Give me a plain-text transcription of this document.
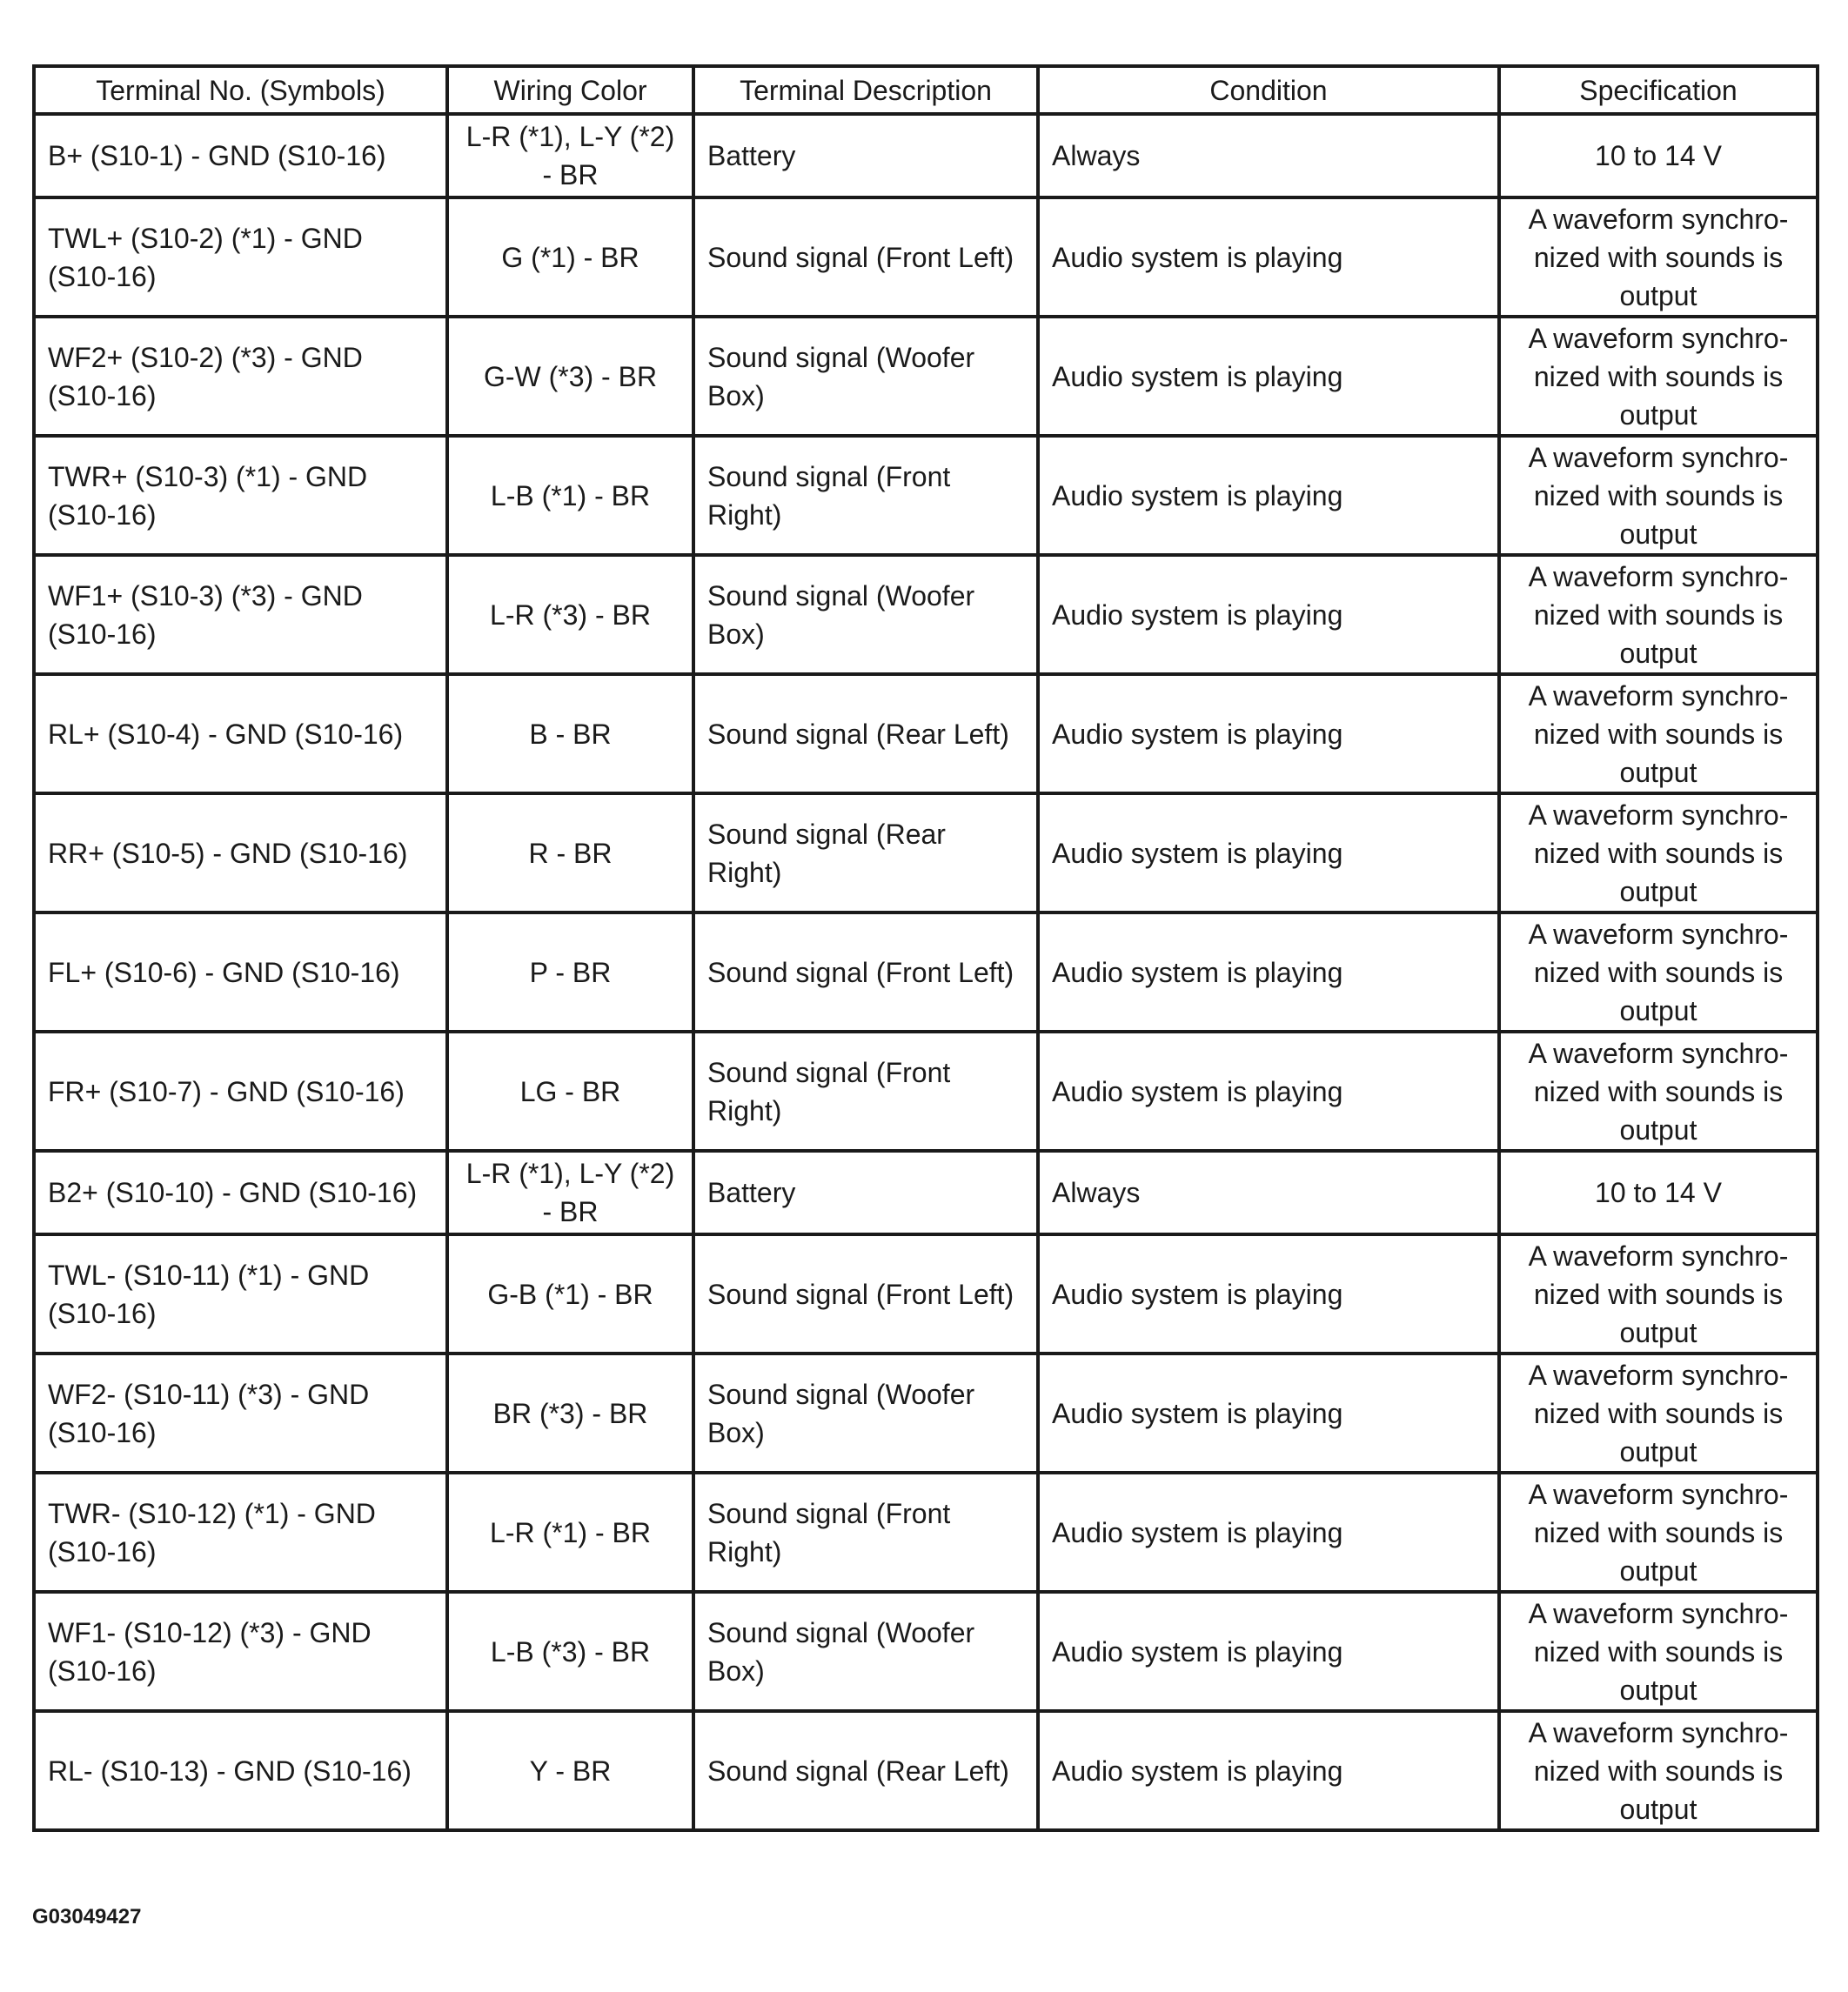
Terminal No. (Symbols)	Wiring Color	Terminal Description	Condition	Specification
B+ (S10-1) - GND (S10-16)	L-R (*1), L-Y (*2) - BR	Battery	Always	10 to 14 V
TWL+ (S10-2) (*1) - GND (S10-16)	G (*1) - BR	Sound signal (Front Left)	Audio system is playing	A waveform synchro-nized with sounds is output
WF2+ (S10-2) (*3) - GND (S10-16)	G-W (*3) - BR	Sound signal (Woofer Box)	Audio system is playing	A waveform synchro-nized with sounds is output
TWR+ (S10-3) (*1) - GND (S10-16)	L-B (*1) - BR	Sound signal (Front Right)	Audio system is playing	A waveform synchro-nized with sounds is output
WF1+ (S10-3) (*3) - GND (S10-16)	L-R (*3) - BR	Sound signal (Woofer Box)	Audio system is playing	A waveform synchro-nized with sounds is output
RL+ (S10-4) - GND (S10-16)	B - BR	Sound signal (Rear Left)	Audio system is playing	A waveform synchro-nized with sounds is output
RR+ (S10-5) - GND (S10-16)	R - BR	Sound signal (Rear Right)	Audio system is playing	A waveform synchro-nized with sounds is output
FL+ (S10-6) - GND (S10-16)	P - BR	Sound signal (Front Left)	Audio system is playing	A waveform synchro-nized with sounds is output
FR+ (S10-7) - GND (S10-16)	LG - BR	Sound signal (Front Right)	Audio system is playing	A waveform synchro-nized with sounds is output
B2+ (S10-10) - GND (S10-16)	L-R (*1), L-Y (*2) - BR	Battery	Always	10 to 14 V
TWL- (S10-11) (*1) - GND (S10-16)	G-B (*1) - BR	Sound signal (Front Left)	Audio system is playing	A waveform synchro-nized with sounds is output
WF2- (S10-11) (*3) - GND (S10-16)	BR (*3) - BR	Sound signal (Woofer Box)	Audio system is playing	A waveform synchro-nized with sounds is output
TWR- (S10-12) (*1) - GND (S10-16)	L-R (*1) - BR	Sound signal (Front Right)	Audio system is playing	A waveform synchro-nized with sounds is output
WF1- (S10-12) (*3) - GND (S10-16)	L-B (*3) - BR	Sound signal (Woofer Box)	Audio system is playing	A waveform synchro-nized with sounds is output
RL- (S10-13) - GND (S10-16)	Y - BR	Sound signal (Rear Left)	Audio system is playing	A waveform synchro-nized with sounds is output
G03049427
